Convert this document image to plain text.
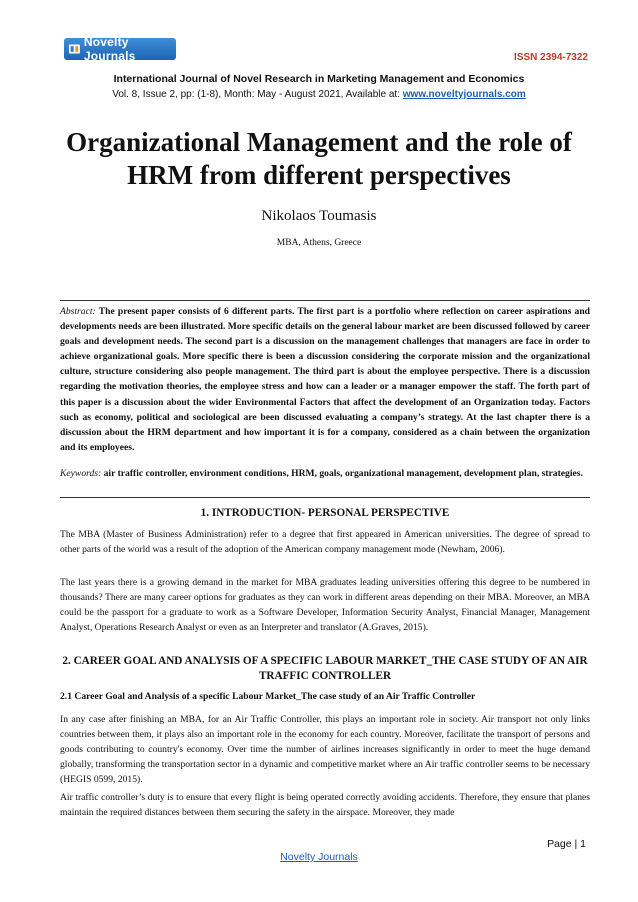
Novelty Journals	ISSN 2394-7322
International Journal of Novel Research in Marketing Management and Economics
Vol. 8, Issue 2, pp: (1-8), Month: May - August 2021, Available at: www.noveltyjournals.com
Organizational Management and the role of HRM from different perspectives
Nikolaos Toumasis
MBA, Athens, Greece
Abstract: The present paper consists of 6 different parts. The first part is a portfolio where reflection on career aspirations and developments needs are been illustrated. More specific details on the general labour market are been discussed followed by career goals and development needs. The second part is a discussion on the management challenges that managers are face in order to achieve organizational goals. More specific there is been a discussion considering the corporate mission and the organizational culture, structure considering also people management. The third part is about the employee perspective. There is a discussion regarding the motivation theories, the employee stress and how can a leader or a manager empower the staff. The forth part of this paper is a discussion about the wider Environmental Factors that affect the development of an Organization today. Factors such as economy, political and sociological are been discussed evaluating a company’s strategy. At the last chapter there is a discussion about the HRM department and how important it is for a company, considered as a chain between the organization and its employees.
Keywords: air traffic controller, environment conditions, HRM, goals, organizational management, development plan, strategies.
1. INTRODUCTION- PERSONAL PERSPECTIVE
The MBA (Master of Business Administration) refer to a degree that first appeared in American universities. The degree of spread to other parts of the world was a result of the adoption of the American company management mode (Newham, 2006).
The last years there is a growing demand in the market for MBA graduates leading universities offering this degree to be numbered in thousands? There are many career options for graduates as they can work in different areas depending on their MBA. Moreover, an MBA could be the passport for a graduate to work as a Software Developer, Information Security Analyst, Financial Manager, Management Analyst, Operations Research Analyst or even as an Interpreter and translator (A.Graves, 2015).
2. CAREER GOAL AND ANALYSIS OF A SPECIFIC LABOUR MARKET_THE CASE STUDY OF AN AIR TRAFFIC CONTROLLER
2.1 Career Goal and Analysis of a specific Labour Market_The case study of an Air Traffic Controller
In any case after finishing an MBA, for an Air Traffic Controller, this plays an important role in society. Air transport not only links countries between them, it plays also an important role in the economy for each country. Moreover, facilitate the transport of persons and goods contributing to country's economy. Over time the number of airlines increases significantly in order to meet the huge demand globally, transforming the transportation sector in a dynamic and competitive market where an Air traffic controller seems to be necessary (HEGIS 0599, 2015).
Air traffic controller’s duty is to ensure that every flight is being operated correctly avoiding accidents. Therefore, they ensure that planes maintain the required distances between them securing the safety in the airspace. Moreover, they made
Page | 1
Novelty Journals
